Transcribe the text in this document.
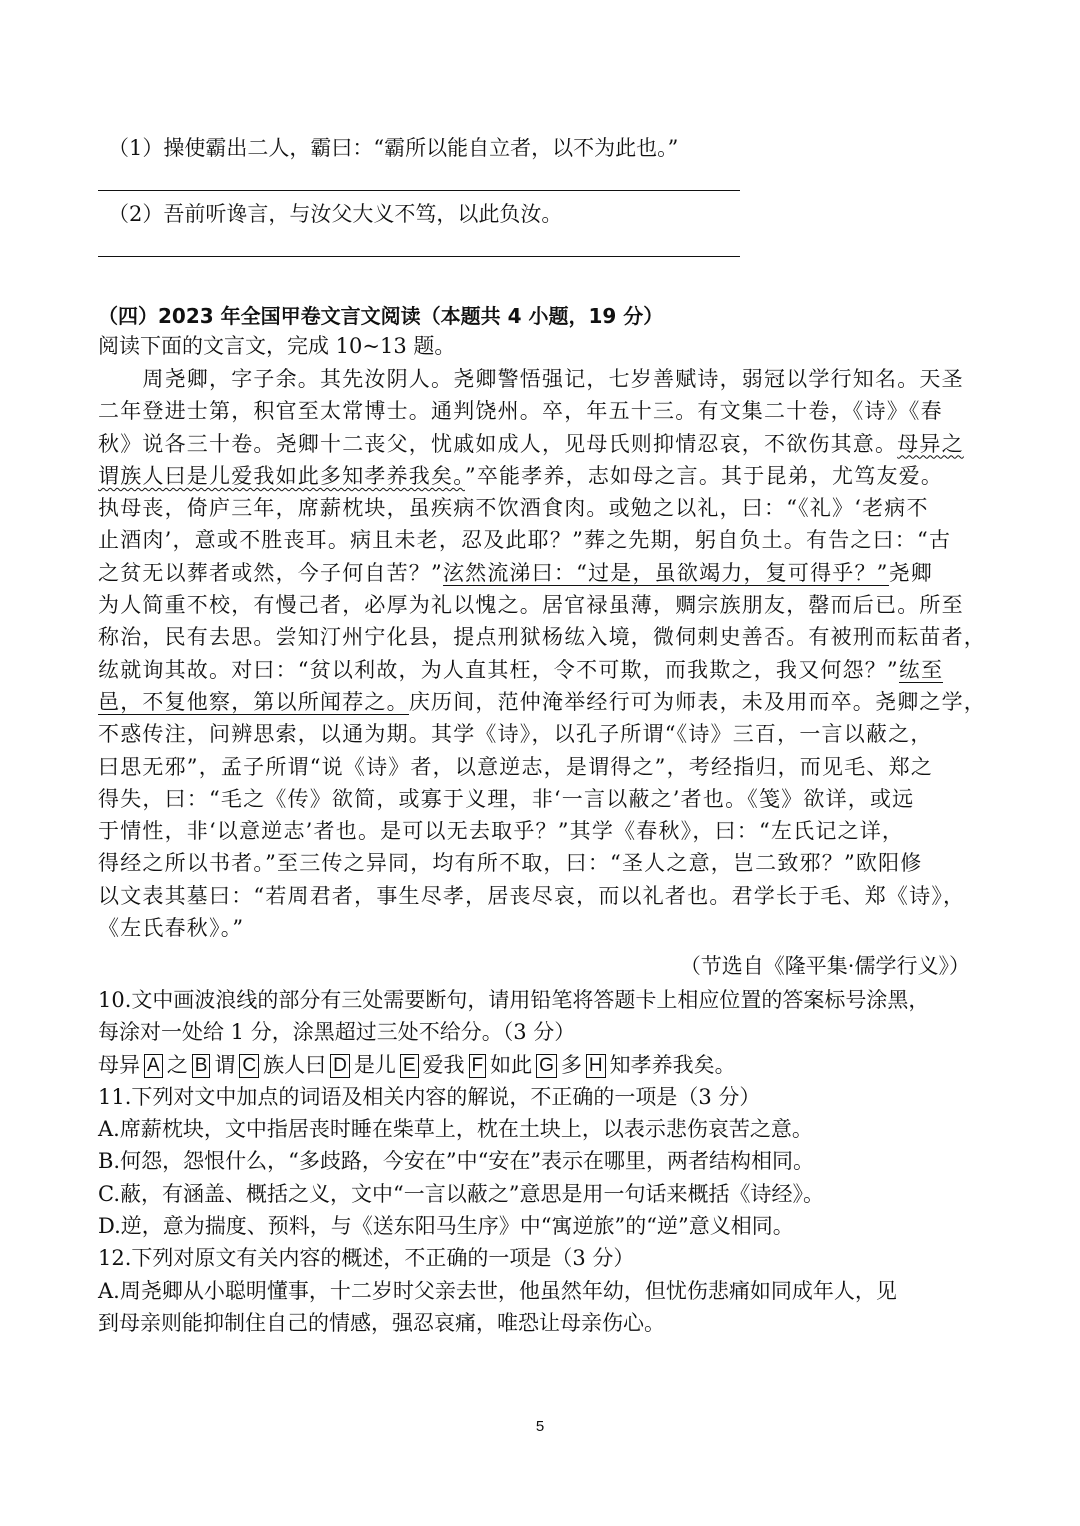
（1）操使霸出二人，霸曰：“霸所以能自立者，以不为此也。”
（2）吾前听谗言，与汝父大义不笃，以此负汝。
（四）2023 年全国甲卷文言文阅读（本题共 4 小题，19 分）
阅读下面的文言文，完成 10~13 题。
　　周尧卿，字子余。其先汝阴人。尧卿警悟强记，七岁善赋诗，弱冠以学行知名。天圣
二年登进士第，积官至太常博士。通判饶州。卒，年五十三。有文集二十卷，《诗》《春
秋》说各三十卷。尧卿十二丧父，忧戚如成人，见母氏则抑情忍哀，不欲伤其意。母异之
谓族人曰是儿爱我如此多知孝养我矣。”卒能孝养，志如母之言。其于昆弟，尤笃友爱。
执母丧，倚庐三年，席薪枕块，虽疾病不饮酒食肉。或勉之以礼，曰：“《礼》‘老病不
止酒肉’，意或不胜丧耳。病且未老，忍及此耶？”葬之先期，躬自负土。有告之曰：“古
之贫无以葬者或然，今子何自苦？”泫然流涕曰：“过是，虽欲竭力，复可得乎？”尧卿
为人简重不校，有慢己者，必厚为礼以愧之。居官禄虽薄，赒宗族朋友，罄而后已。所至
称治，民有去思。尝知汀州宁化县，提点刑狱杨纮入境，微伺刺史善否。有被刑而耘苗者，
纮就询其故。对曰：“贫以利故，为人直其枉，令不可欺，而我欺之，我又何怨？”纮至
邑，不复他察，第以所闻荐之。庆历间，范仲淹举经行可为师表，未及用而卒。尧卿之学，
不惑传注，问辨思索，以通为期。其学《诗》，以孔子所谓“《诗》三百，一言以蔽之，
曰思无邪”，孟子所谓“说《诗》者，以意逆志，是谓得之”，考经指归，而见毛、郑之
得失，曰：“毛之《传》欲简，或寡于义理，非‘一言以蔽之’者也。《笺》欲详，或远
于情性，非‘以意逆志’者也。是可以无去取乎？”其学《春秋》，曰：“左氏记之详，
得经之所以书者。”至三传之异同，均有所不取，曰：“圣人之意，岂二致邪？”欧阳修
以文表其墓曰：“若周君者，事生尽孝，居丧尽哀，而以礼者也。君学长于毛、郑《诗》，
《左氏春秋》。”
（节选自《隆平集·儒学行义》）
10.文中画波浪线的部分有三处需要断句，请用铅笔将答题卡上相应位置的答案标号涂黑，
每涂对一处给 1 分，涂黑超过三处不给分。（3 分）
母异 A 之 B 谓 C 族人曰 D 是儿 E 爱我 F 如此 G 多 H 知孝养我矣。
11.下列对文中加点的词语及相关内容的解说，不正确的一项是（3 分）
A.席薪枕块，文中指居丧时睡在柴草上，枕在土块上，以表示悲伤哀苦之意。
B.何怨，怨恨什么，“多歧路，今安在”中“安在”表示在哪里，两者结构相同。
C.蔽，有涵盖、概括之义，文中“一言以蔽之”意思是用一句话来概括《诗经》。
D.逆，意为揣度、预料，与《送东阳马生序》中“寓逆旅”的“逆”意义相同。
12.下列对原文有关内容的概述，不正确的一项是（3 分）
A.周尧卿从小聪明懂事，十二岁时父亲去世，他虽然年幼，但忧伤悲痛如同成年人，见
到母亲则能抑制住自己的情感，强忍哀痛，唯恐让母亲伤心。
5
